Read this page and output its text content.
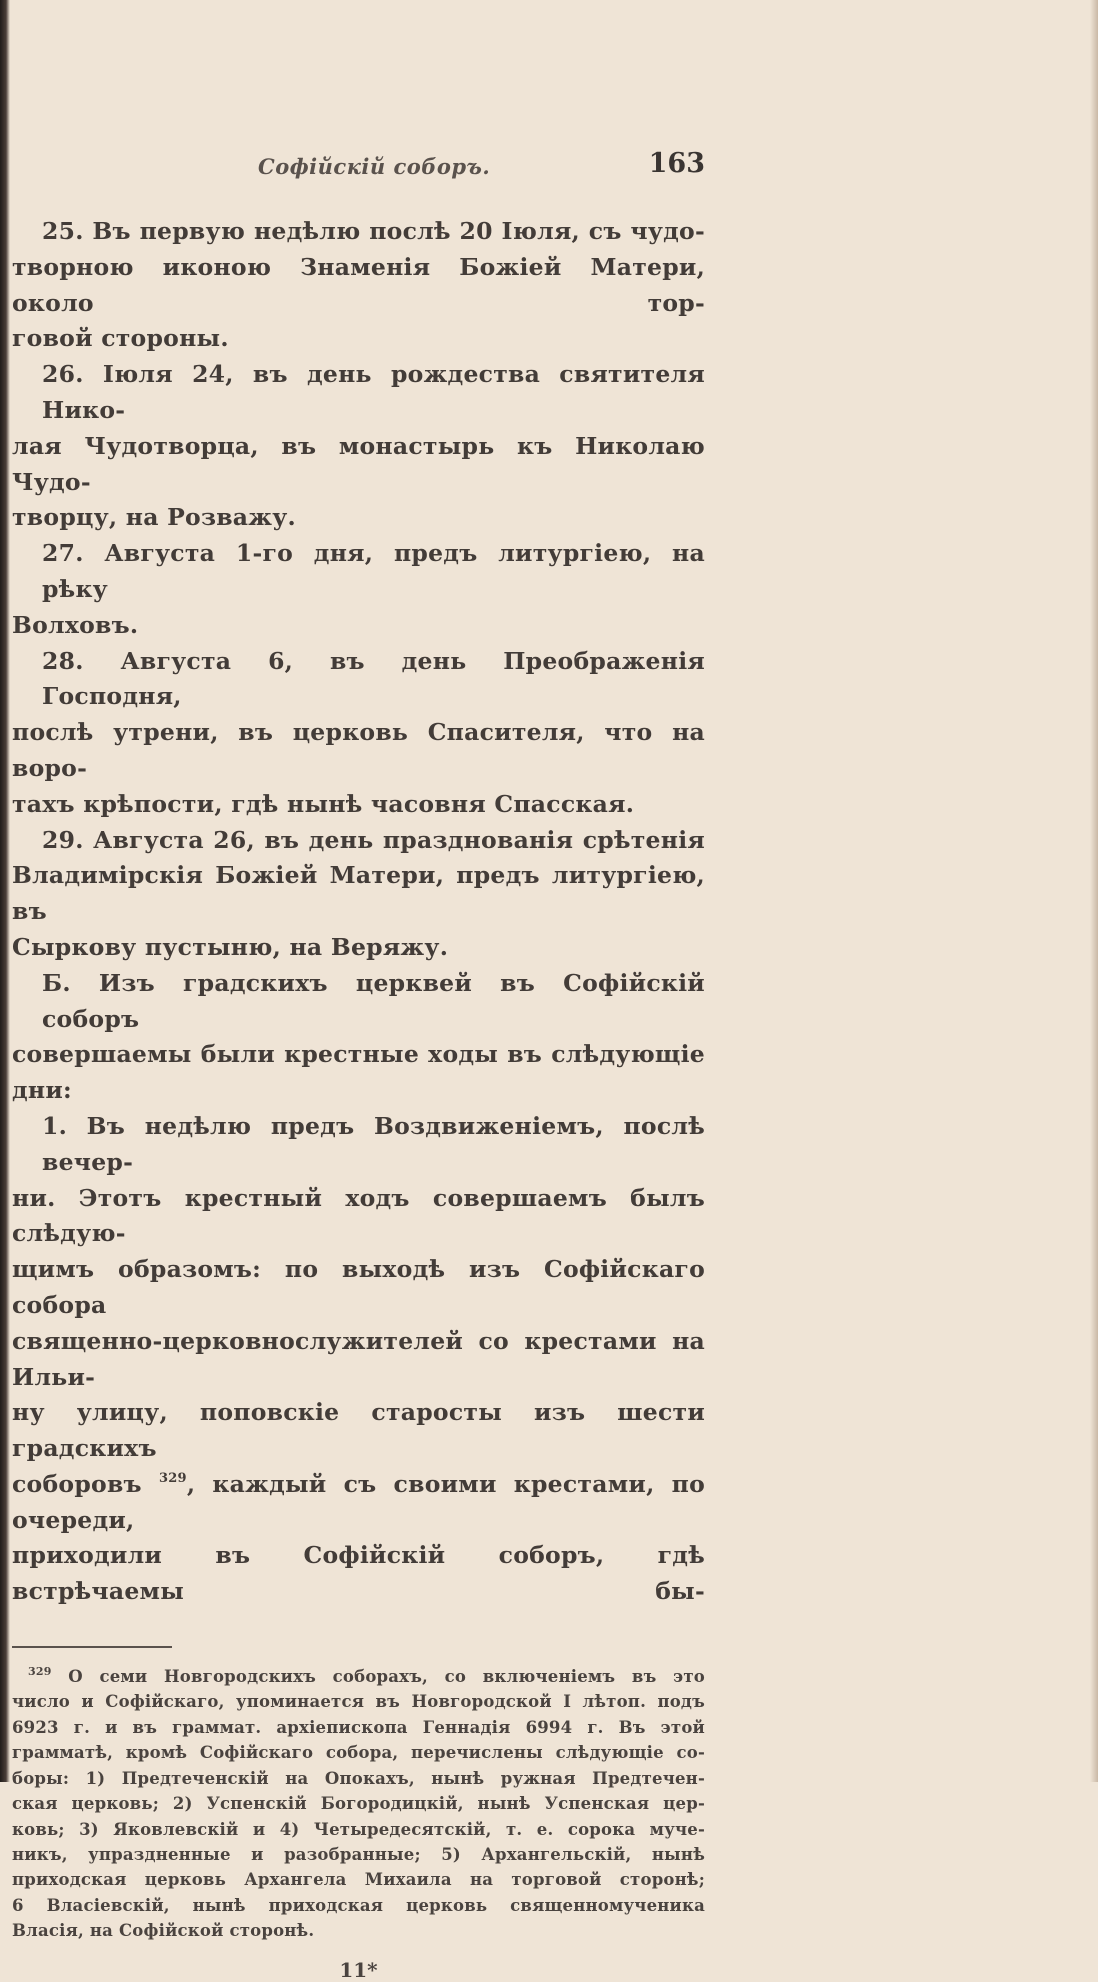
Софійскій соборъ.	163

25. Въ первую недѣлю послѣ 20 Іюля, съ чудо-
творною иконою Знаменія Божіей Матери, около тор-
говой стороны.
26. Іюля 24, въ день рождества святителя Нико-
лая Чудотворца, въ монастырь къ Николаю Чудо-
творцу, на Розважу.
27. Августа 1-го дня, предъ литургіею, на рѣку
Волховъ.
28. Августа 6, въ день Преображенія Господня,
послѣ утрени, въ церковь Спасителя, что на воро-
тахъ крѣпости, гдѣ нынѣ часовня Спасская.
29. Августа 26, въ день празднованія срѣтенія
Владимірскія Божіей Матери, предъ литургіею, въ
Сыркову пустыню, на Веряжу.
Б. Изъ градскихъ церквей въ Софійскій соборъ
совершаемы были крестные ходы въ слѣдующіе дни:
1. Въ недѣлю предъ Воздвиженіемъ, послѣ вечер-
ни. Этотъ крестный ходъ совершаемъ былъ слѣдую-
щимъ образомъ: по выходѣ изъ Софійскаго собора
священно-церковнослужителей со крестами на Ильи-
ну улицу, поповскіе старосты изъ шести градскихъ
соборовъ $^{329}$, каждый съ своими крестами, по очереди,
приходили въ Софійскій соборъ, гдѣ встрѣчаемы бы-

$^{329}$ О семи Новгородскихъ соборахъ, со включеніемъ въ это
число и Софійскаго, упоминается въ Новгородской I лѣтоп. подъ
6923 г. и въ граммат. архіепископа Геннадія 6994 г. Въ этой
грамматѣ, кромѣ Софійскаго собора, перечислены слѣдующіе со-
боры: 1) Предтеченскій на Опокахъ, нынѣ ружная Предтечен-
ская церковь; 2) Успенскій Богородицкій, нынѣ Успенская цер-
ковь; 3) Яковлевскій и 4) Четыредесятскій, т. е. сорока муче-
никъ, упраздненные и разобранные; 5) Архангельскій, нынѣ
приходская церковь Архангела Михаила на торговой сторонѣ;
6 Власіевскій, нынѣ приходская церковь священномученика
Власія, на Софійской сторонѣ.

11*
